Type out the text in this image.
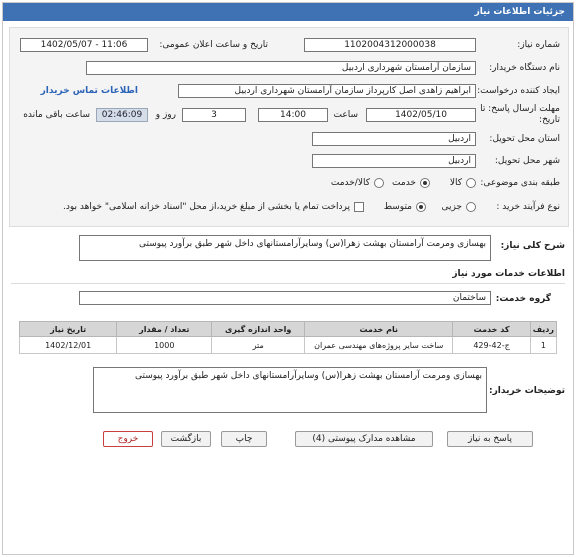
جزئیات اطلاعات نیاز
شماره نیاز:
1102004312000038
تاریخ و ساعت اعلان عمومی:
1402/05/07 - 11:06
نام دستگاه خریدار:
سازمان آرامستان شهرداری اردبیل
ایجاد کننده درخواست:
ابراهیم زاهدی اصل کارپرداز سازمان آرامستان شهرداری اردبیل
اطلاعات تماس خریدار
مهلت ارسال پاسخ: تا تاریخ:
1402/05/10
ساعت
14:00
3
روز و
02:46:09
ساعت باقی مانده
استان محل تحویل:
اردبیل
شهر محل تحویل:
اردبیل
طبقه بندی موضوعی:
کالا
خدمت
کالا/خدمت
نوع فرآیند خرید :
جزیی
متوسط
پرداخت تمام یا بخشی از مبلغ خرید،از محل "اسناد خزانه اسلامی" خواهد بود.
شرح کلی نیاز:
بهسازی ومرمت آرامستان بهشت زهرا(س) وسایرآرامستانهای داخل شهر طبق برآورد پیوستی
اطلاعات خدمات مورد نیاز
گروه خدمت:
ساختمان
ردیف	کد خدمت	نام خدمت	واحد اندازه گیری	تعداد / مقدار	تاریخ نیاز
1	ج-42-429	ساخت سایر پروژه‌های مهندسی عمران	متر	1000	1402/12/01
توضیحات خریدار:
بهسازی ومرمت آرامستان بهشت زهرا(س) وسایرآرامستانهای داخل شهر طبق برآورد پیوستی
پاسخ به نیاز
مشاهده مدارک پیوستی (4)
چاپ
بازگشت
خروج
